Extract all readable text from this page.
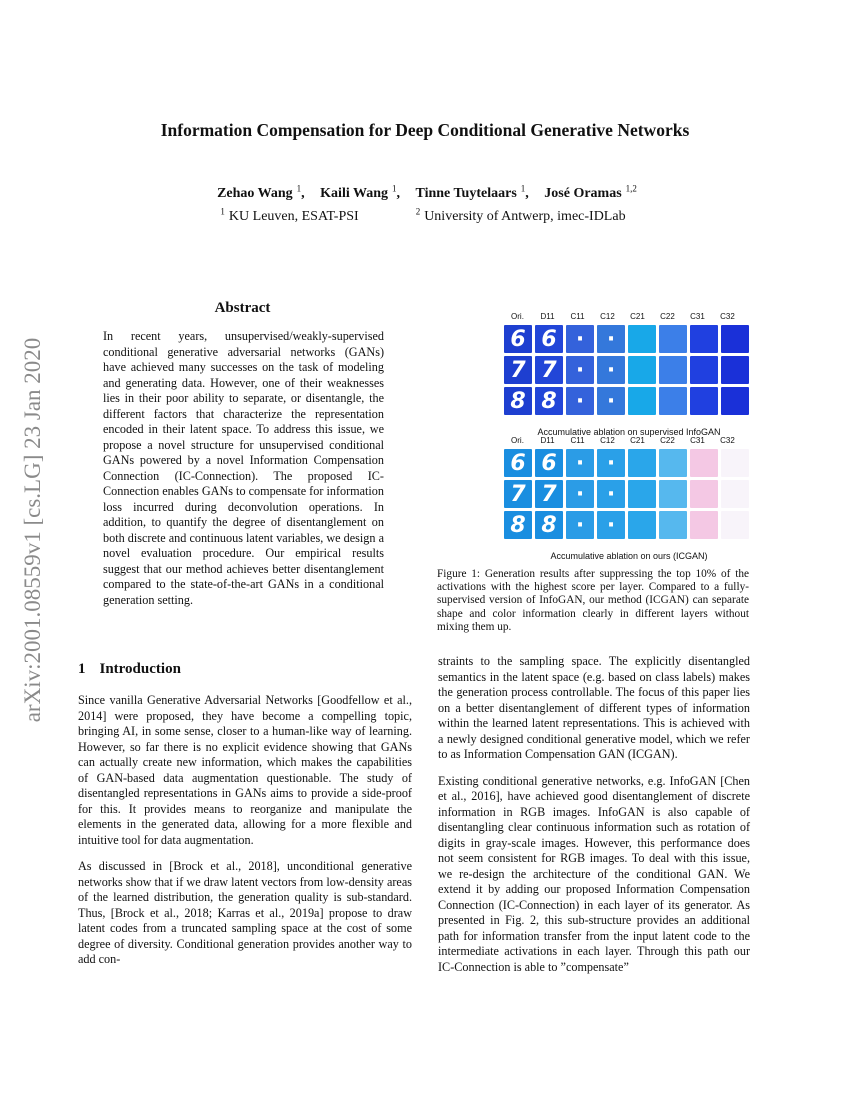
arXiv:2001.08559v1 [cs.LG] 23 Jan 2020
Information Compensation for Deep Conditional Generative Networks
Zehao Wang $^1$, Kaili Wang $^1$, Tinne Tuytelaars $^1$, José Oramas $^{1,2}$
$^1$ KU Leuven, ESAT-PSI	$^2$ University of Antwerp, imec-IDLab
Abstract
In recent years, unsupervised/weakly-supervised conditional generative adversarial networks (GANs) have achieved many successes on the task of modeling and generating data. However, one of their weaknesses lies in their poor ability to separate, or disentangle, the different factors that characterize the representation encoded in their latent space. To address this issue, we propose a novel structure for unsupervised conditional GANs powered by a novel Information Compensation Connection (IC-Connection). The proposed IC-Connection enables GANs to compensate for information loss incurred during deconvolution operations. In addition, to quantify the degree of disentanglement on both discrete and continuous latent variables, we design a novel evaluation procedure. Our empirical results suggest that our method achieves better disentanglement compared to the state-of-the-art GANs in a conditional generation setting.
Ori.	D11	C11	C12	C21	C22	C31	C32
6 6 ·	·
7 7 ·	·
8 8 ·	·
Accumulative ablation on supervised InfoGAN
Ori.	D11	C11	C12	C21	C22	C31	C32
6 6 ·	·
7 7 ·	·
8 8 ·	·
Accumulative ablation on ours (ICGAN)
Figure 1: Generation results after suppressing the top 10% of the activations with the highest score per layer. Compared to a fully-supervised version of InfoGAN, our method (ICGAN) can separate shape and color information clearly in different layers without mixing them up.
1 Introduction

Since vanilla Generative Adversarial Networks [Goodfellow et al., 2014] were proposed, they have become a compelling topic, bringing AI, in some sense, closer to a human-like way of learning. However, so far there is no explicit evidence showing that GANs can actually create new information, which makes the capabilities of GAN-based data augmentation questionable. The study of disentangled representations in GANs aims to provide a side-proof for this. It provides means to reorganize and manipulate the elements in the generated data, allowing for a more flexible and intuitive tool for data augmentation.

As discussed in [Brock et al., 2018], unconditional generative networks show that if we draw latent vectors from low-density areas of the learned distribution, the generation quality is sub-standard. Thus, [Brock et al., 2018; Karras et al., 2019a] propose to draw latent codes from a truncated sampling space at the cost of some degree of diversity. Conditional generation provides another way to add con-

straints to the sampling space. The explicitly disentangled semantics in the latent space (e.g. based on class labels) makes the generation process controllable. The focus of this paper lies on a better disentanglement of different types of information within the learned latent representations. This is achieved with a newly designed conditional generative model, which we refer to as Information Compensation GAN (ICGAN).

Existing conditional generative networks, e.g. InfoGAN [Chen et al., 2016], have achieved good disentanglement of discrete information in RGB images. InfoGAN is also capable of disentangling clear continuous information such as rotation of digits in gray-scale images. However, this performance does not seem consistent for RGB images. To deal with this issue, we re-design the architecture of the conditional GAN. We extend it by adding our proposed Information Compensation Connection (IC-Connection) in each layer of its generator. As presented in Fig. 2, this sub-structure provides an additional path for information transfer from the input latent code to the intermediate activations in each layer. Through this path our IC-Connection is able to ”compensate”
